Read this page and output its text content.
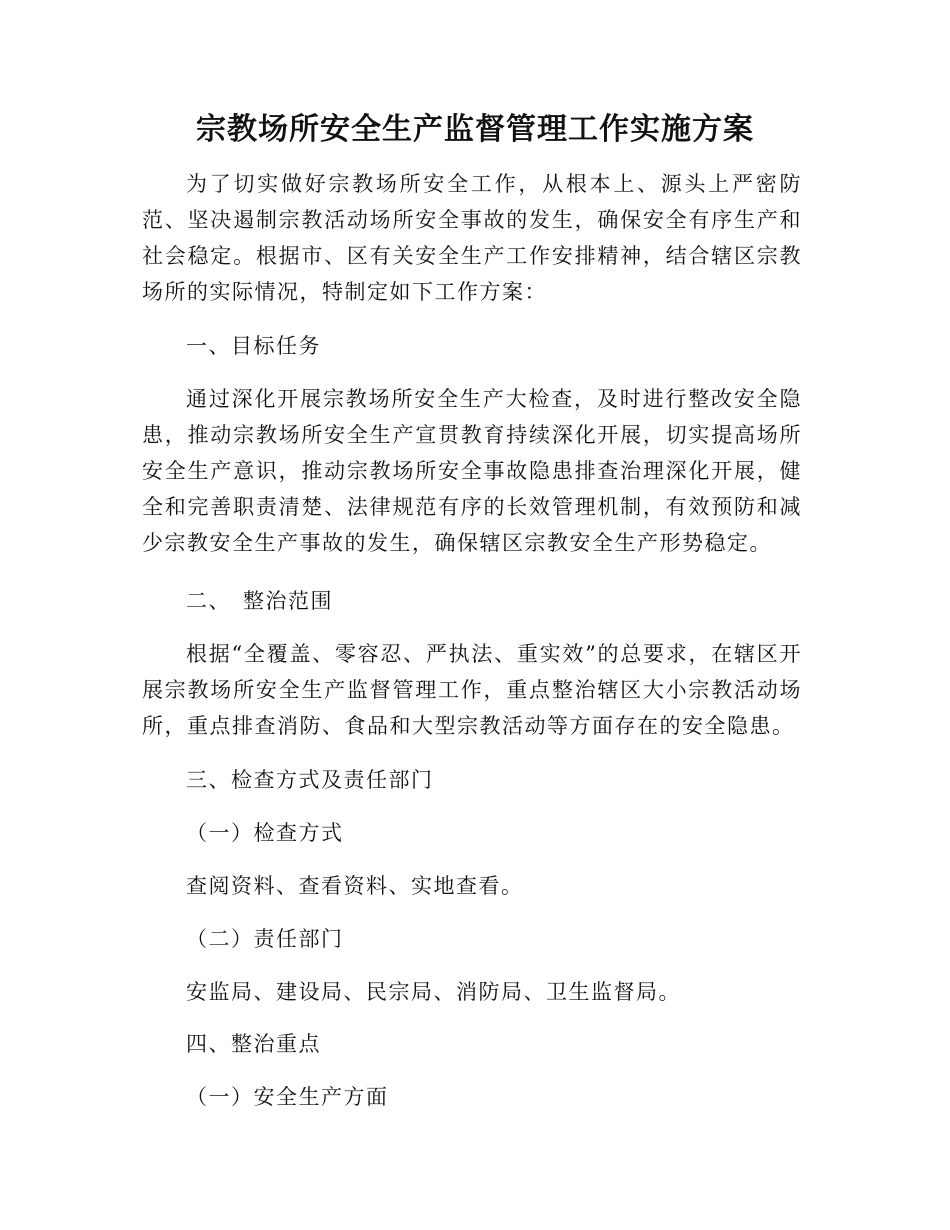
宗教场所安全生产监督管理工作实施方案

为了切实做好宗教场所安全工作，从根本上、源头上严密防范、坚决遏制宗教活动场所安全事故的发生，确保安全有序生产和社会稳定。根据市、区有关安全生产工作安排精神，结合辖区宗教场所的实际情况，特制定如下工作方案：

一、目标任务

通过深化开展宗教场所安全生产大检查，及时进行整改安全隐患，推动宗教场所安全生产宣贯教育持续深化开展，切实提高场所安全生产意识，推动宗教场所安全事故隐患排查治理深化开展，健全和完善职责清楚、法律规范有序的长效管理机制，有效预防和减少宗教安全生产事故的发生，确保辖区宗教安全生产形势稳定。

二、　整治范围

根据“全覆盖、零容忍、严执法、重实效”的总要求，在辖区开展宗教场所安全生产监督管理工作，重点整治辖区大小宗教活动场所，重点排查消防、食品和大型宗教活动等方面存在的安全隐患。

三、检查方式及责任部门

（一）检查方式

查阅资料、查看资料、实地查看。

（二）责任部门

安监局、建设局、民宗局、消防局、卫生监督局。

四、整治重点

（一）安全生产方面
